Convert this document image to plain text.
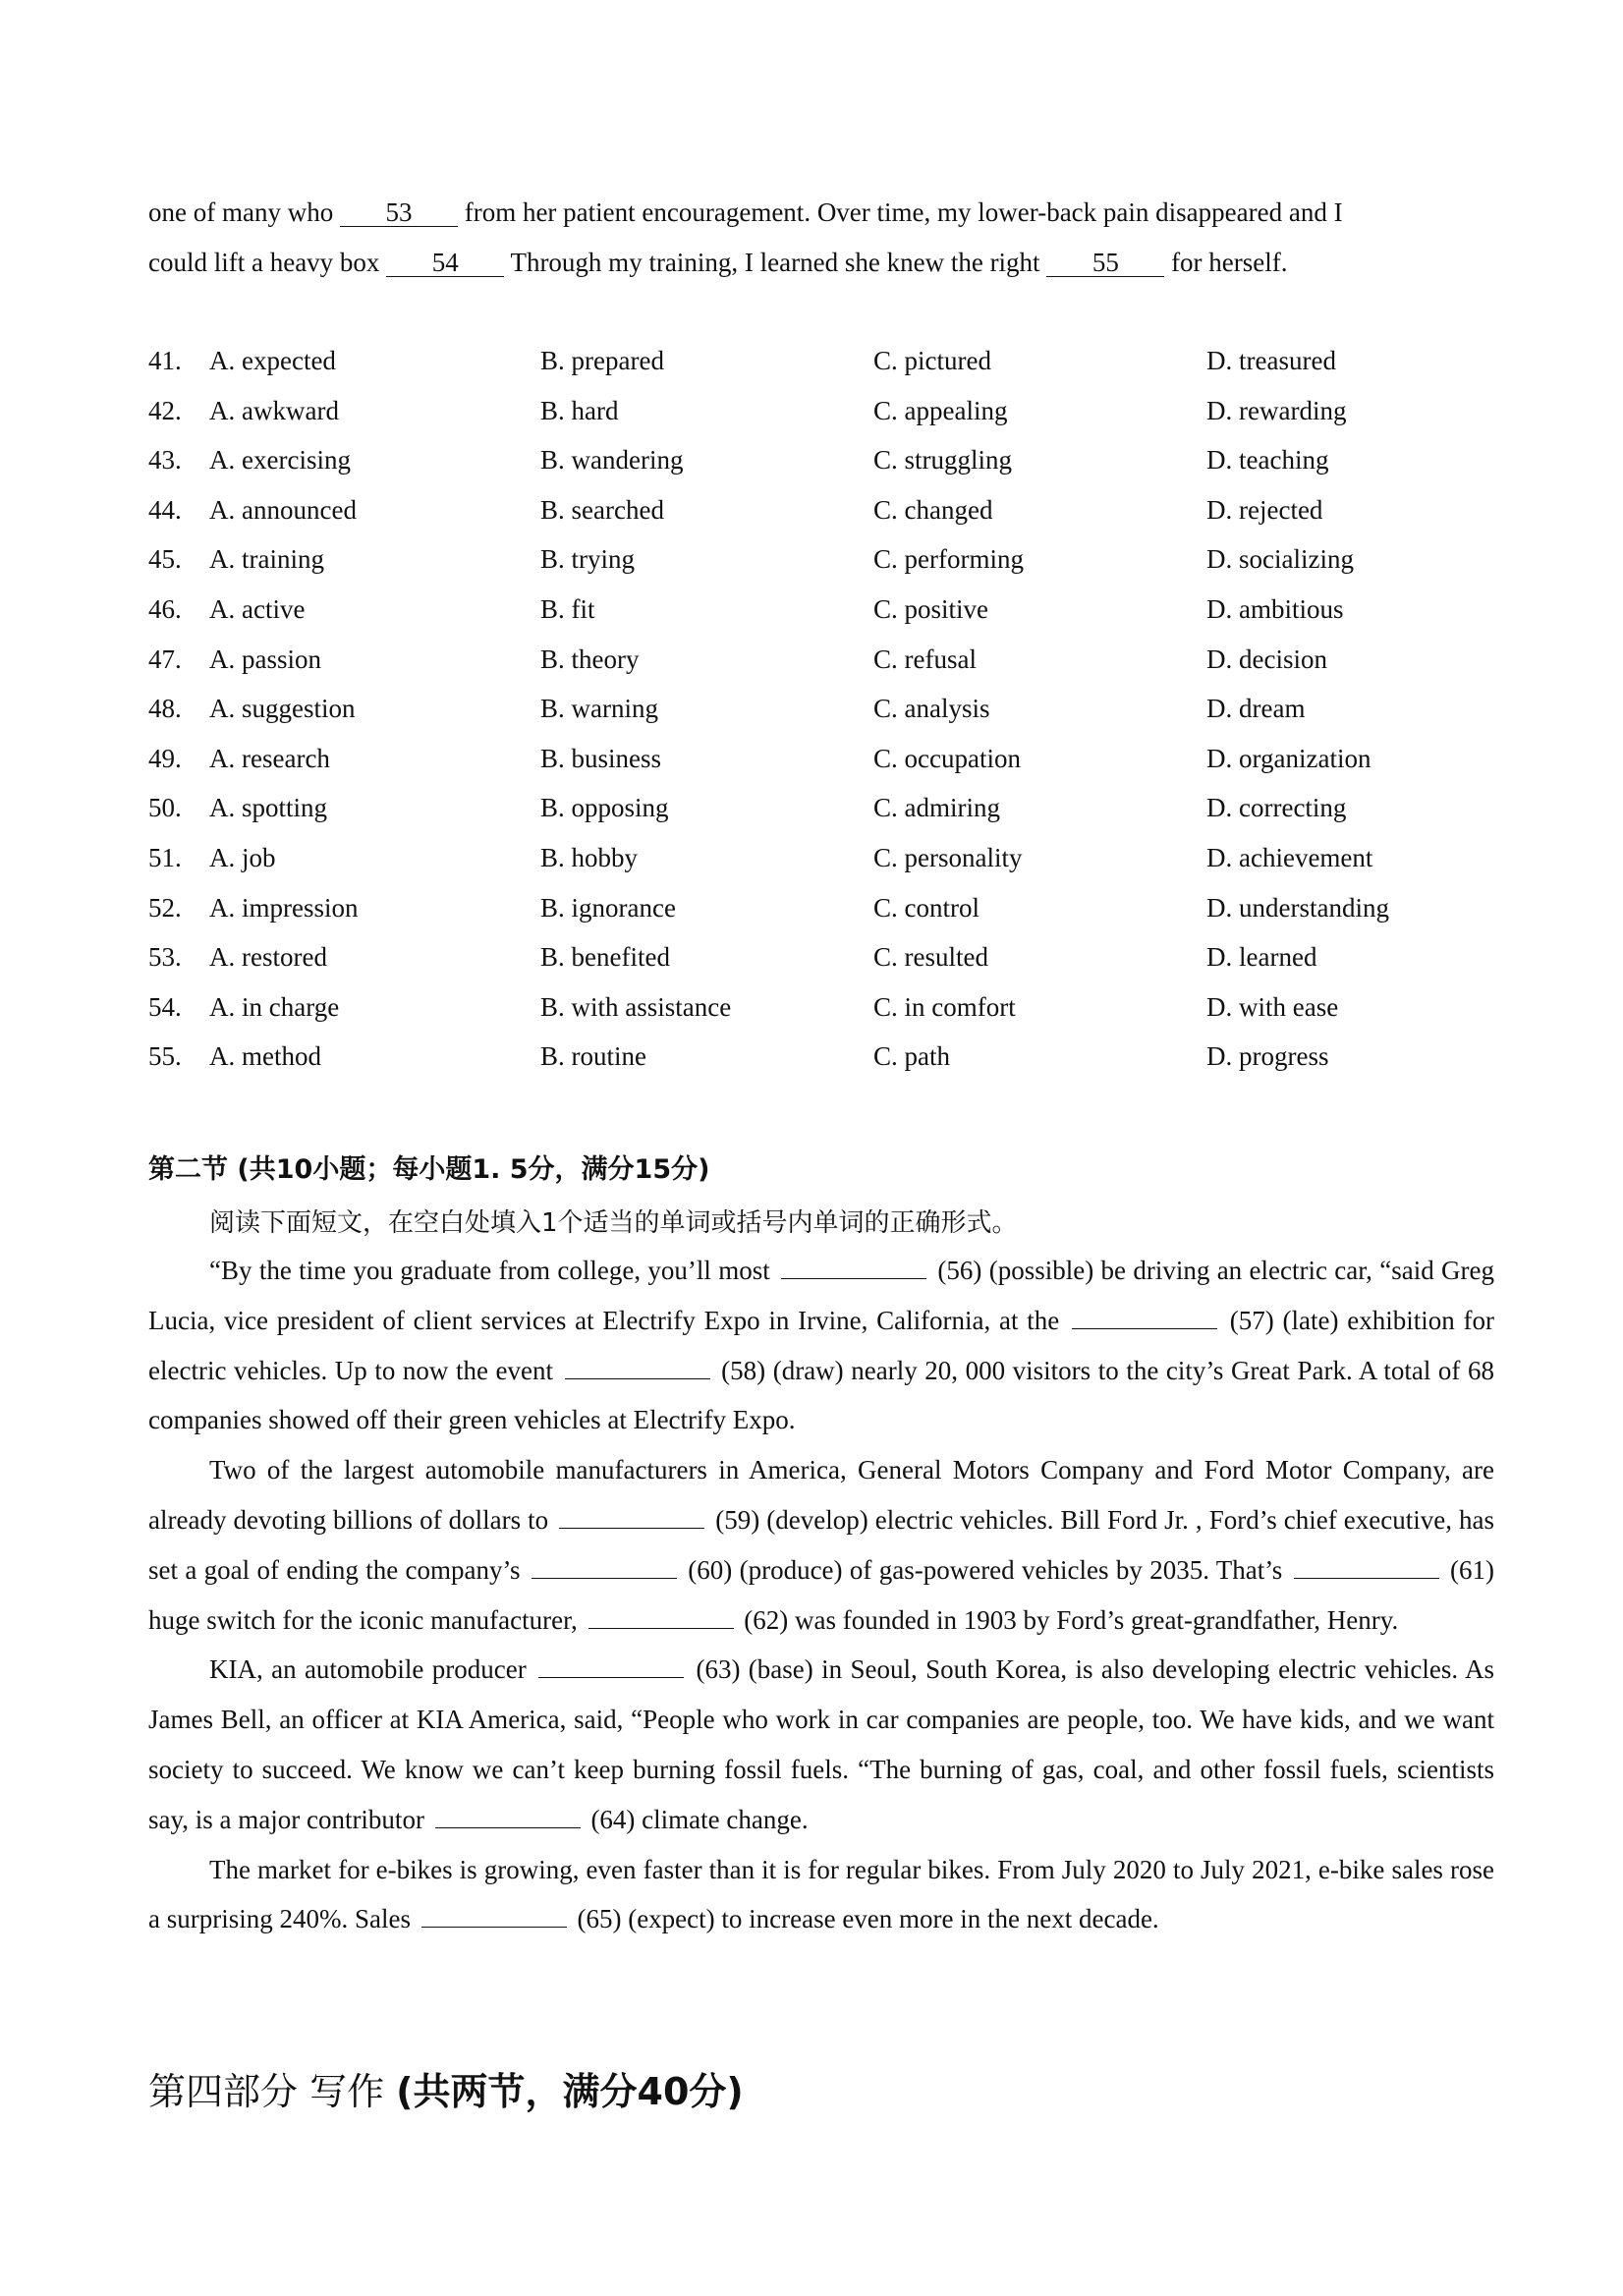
one of many who 53 from her patient encouragement. Over time, my lower-back pain disappeared and I
could lift a heavy box 54 Through my training, I learned she knew the right 55 for herself.
41. A. expected	B. prepared	C. pictured	D. treasured
42. A. awkward	B. hard	C. appealing	D. rewarding
43. A. exercising	B. wandering	C. struggling	D. teaching
44. A. announced	B. searched	C. changed	D. rejected
45. A. training	B. trying	C. performing	D. socializing
46. A. active	B. fit	C. positive	D. ambitious
47. A. passion	B. theory	C. refusal	D. decision
48. A. suggestion	B. warning	C. analysis	D. dream
49. A. research	B. business	C. occupation	D. organization
50. A. spotting	B. opposing	C. admiring	D. correcting
51. A. job	B. hobby	C. personality	D. achievement
52. A. impression	B. ignorance	C. control	D. understanding
53. A. restored	B. benefited	C. resulted	D. learned
54. A. in charge	B. with assistance	C. in comfort	D. with ease
55. A. method	B. routine	C. path	D. progress
第二节 (共10小题；每小题1. 5分，满分15分)
阅读下面短文，在空白处填入1个适当的单词或括号内单词的正确形式。

“By the time you graduate from college, you’ll most	(56) (possible) be driving an electric car, “said Greg Lucia, vice president of client services at Electrify Expo in Irvine, California, at the	(57) (late) exhibition for electric vehicles. Up to now the event	(58) (draw) nearly 20, 000 visitors to the city’s Great Park. A total of 68 companies showed off their green vehicles at Electrify Expo.

Two of the largest automobile manufacturers in America, General Motors Company and Ford Motor Company, are already devoting billions of dollars to	(59) (develop) electric vehicles. Bill Ford Jr. , Ford’s chief executive, has set a goal of ending the company’s	(60) (produce) of gas-powered vehicles by 2035. That’s	(61) huge switch for the iconic manufacturer,	(62) was founded in 1903 by Ford’s great-grandfather, Henry.

KIA, an automobile producer	(63) (base) in Seoul, South Korea, is also developing electric vehicles. As James Bell, an officer at KIA America, said, “People who work in car companies are people, too. We have kids, and we want society to succeed. We know we can’t keep burning fossil fuels. “The burning of gas, coal, and other fossil fuels, scientists say, is a major contributor	(64) climate change.

The market for e-bikes is growing, even faster than it is for regular bikes. From July 2020 to July 2021, e-bike sales rose a surprising 240%. Sales	(65) (expect) to increase even more in the next decade.

第四部分 写作 (共两节，满分40分)
